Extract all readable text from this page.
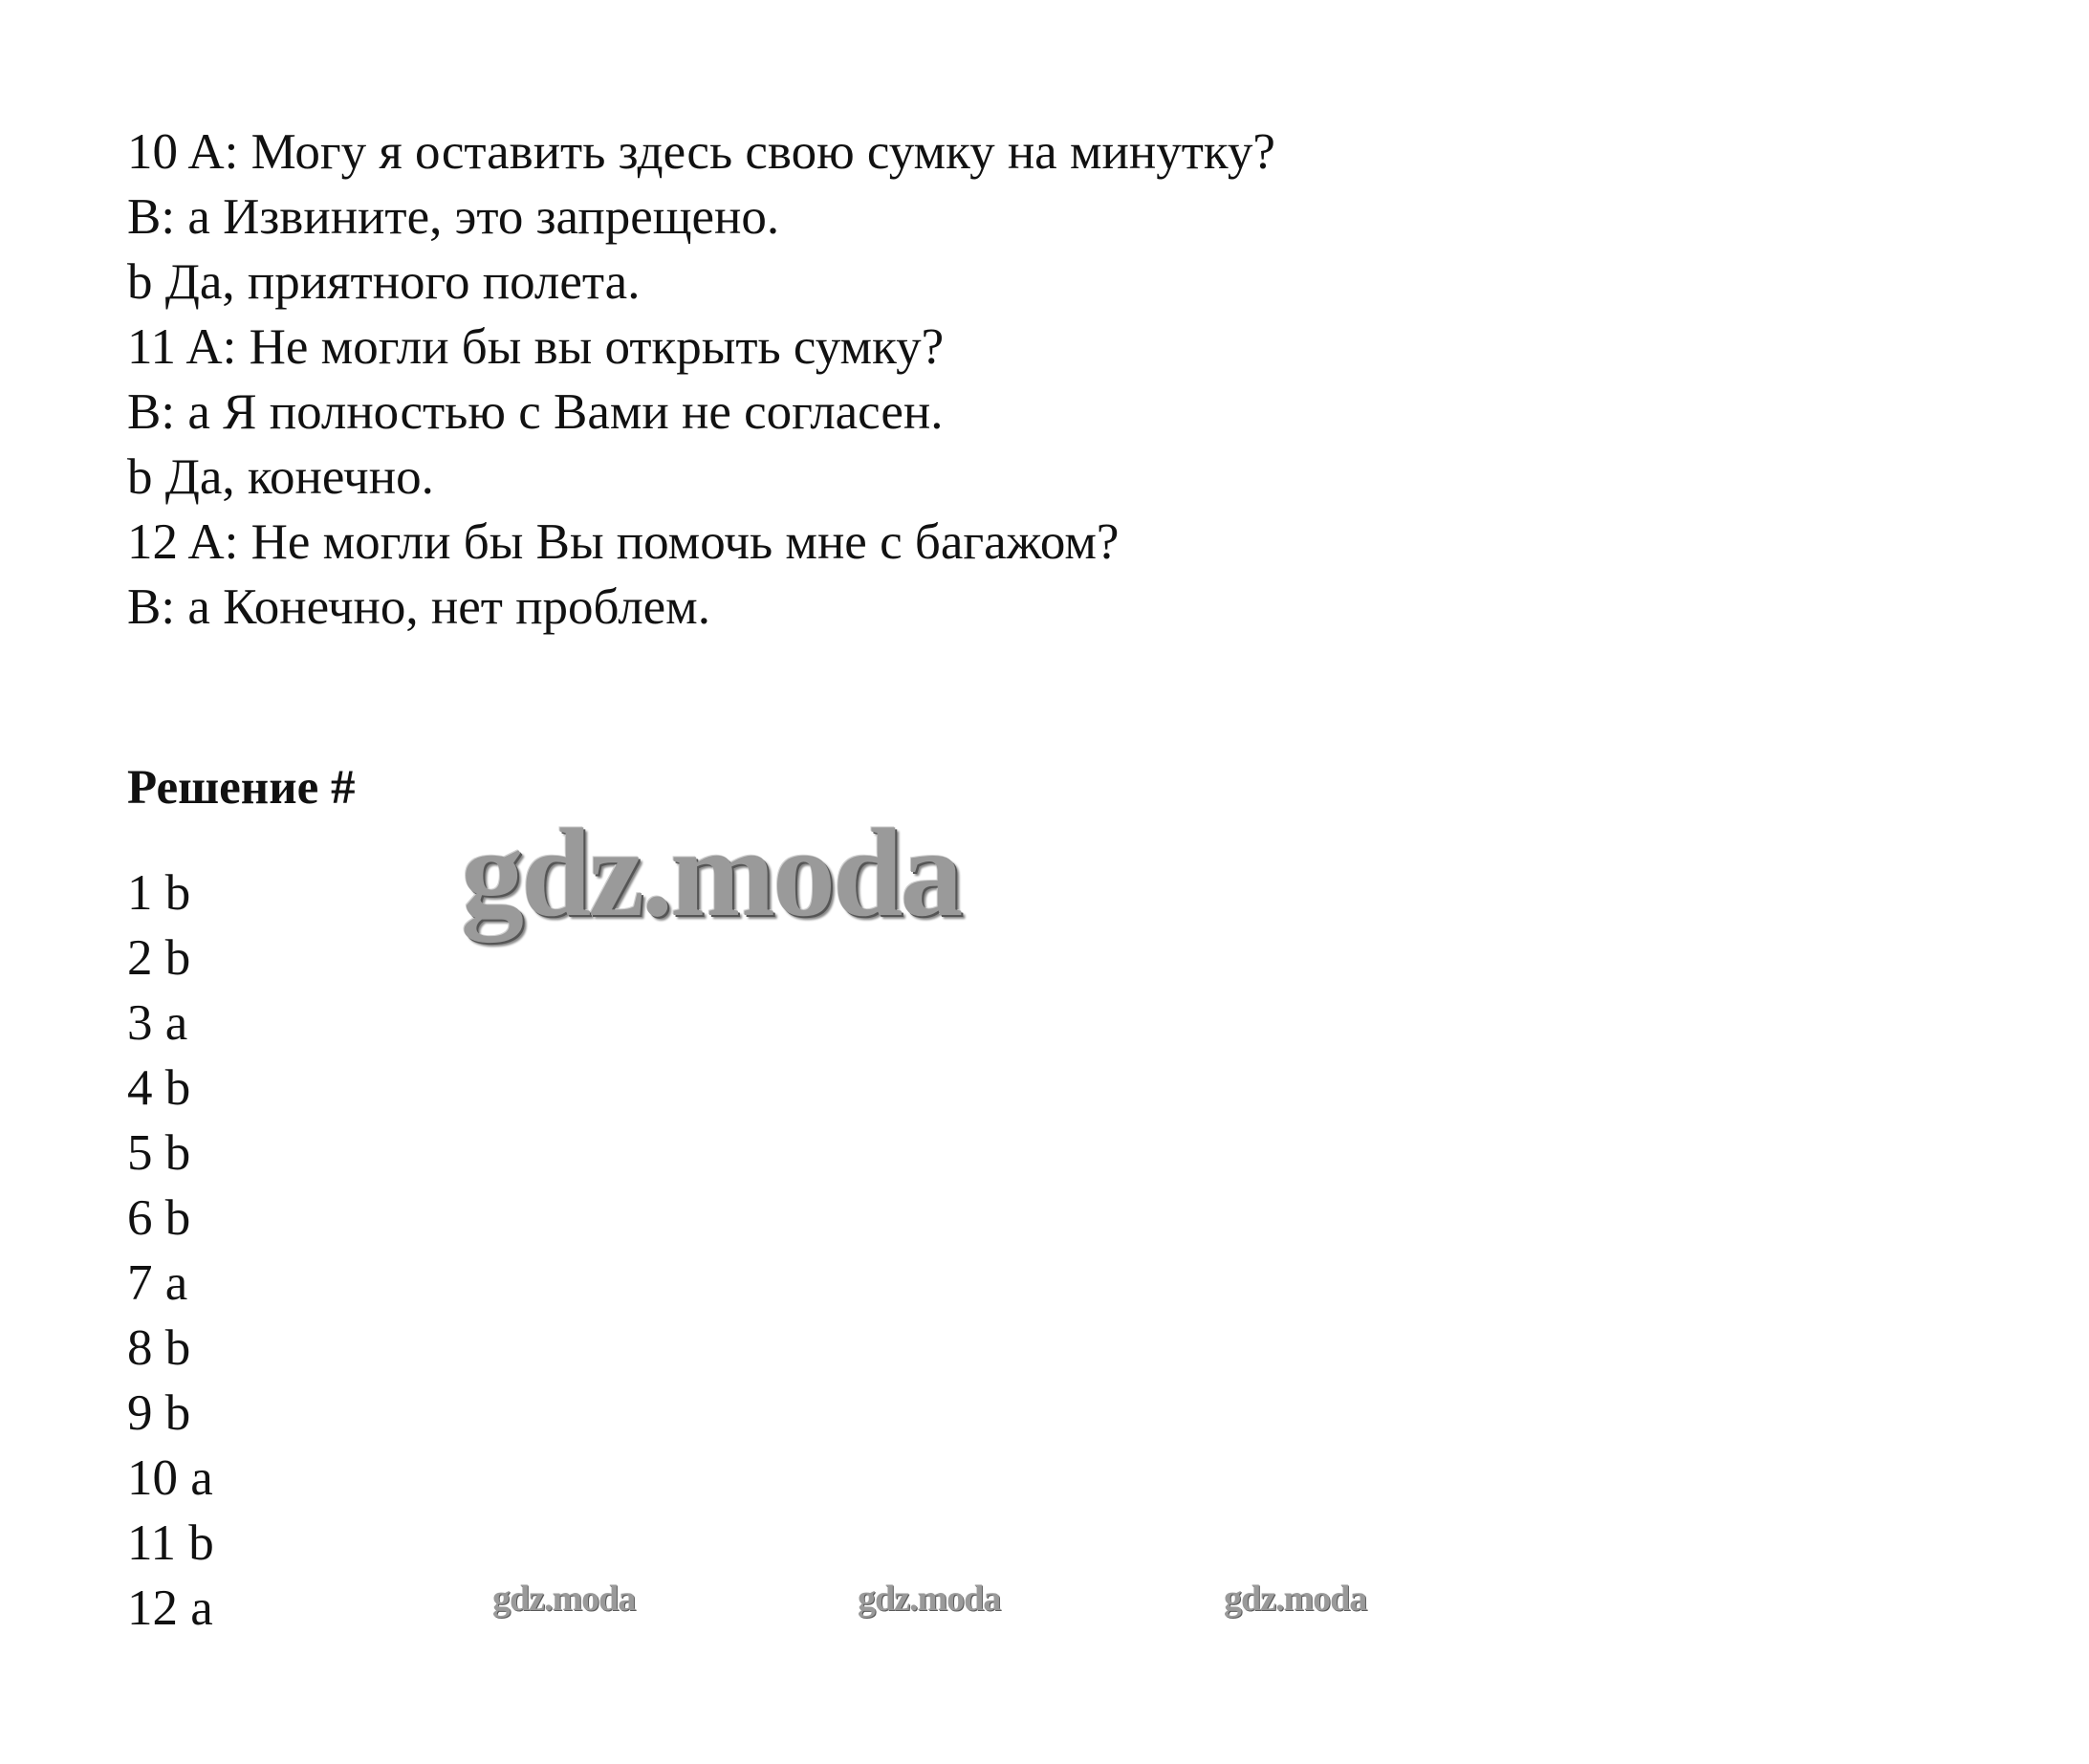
10 A: Могу я оставить здесь свою сумку на минутку?
B: a Извините, это запрещено.
b Да, приятного полета.
11 A: Не могли бы вы открыть сумку?
B: a Я полностью с Вами не согласен.
b Да, конечно.
12 A: Не могли бы Вы помочь мне с багажом?
B: a Конечно, нет проблем.
Решение #
gdz.moda
1 b
2 b
3 a
4 b
5 b
6 b
7 a
8 b
9 b
10 a
11 b
12 a	gdz.moda	gdz.moda	gdz.moda
